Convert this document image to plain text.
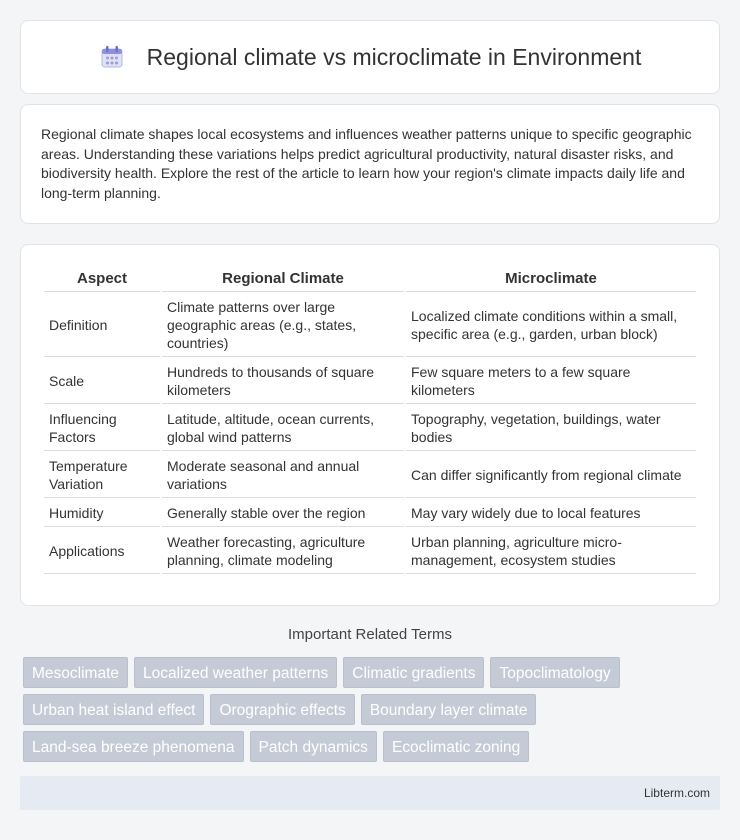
Regional climate vs microclimate in Environment

Regional climate shapes local ecosystems and influences weather patterns unique to specific geographic areas. Understanding these variations helps predict agricultural productivity, natural disaster risks, and biodiversity health. Explore the rest of the article to learn how your region's climate impacts daily life and long-term planning.

Aspect	Regional Climate	Microclimate
Definition	Climate patterns over large geographic areas (e.g., states, countries)	Localized climate conditions within a small, specific area (e.g., garden, urban block)
Scale	Hundreds to thousands of square kilometers	Few square meters to a few square kilometers
Influencing Factors	Latitude, altitude, ocean currents, global wind patterns	Topography, vegetation, buildings, water bodies
Temperature Variation	Moderate seasonal and annual variations	Can differ significantly from regional climate
Humidity	Generally stable over the region	May vary widely due to local features
Applications	Weather forecasting, agriculture planning, climate modeling	Urban planning, agriculture micro-management, ecosystem studies
Important Related Terms
Mesoclimate	Localized weather patterns	Climatic gradients	Topoclimatology
Urban heat island effect	Orographic effects	Boundary layer climate
Land-sea breeze phenomena	Patch dynamics	Ecoclimatic zoning
Libterm.com
